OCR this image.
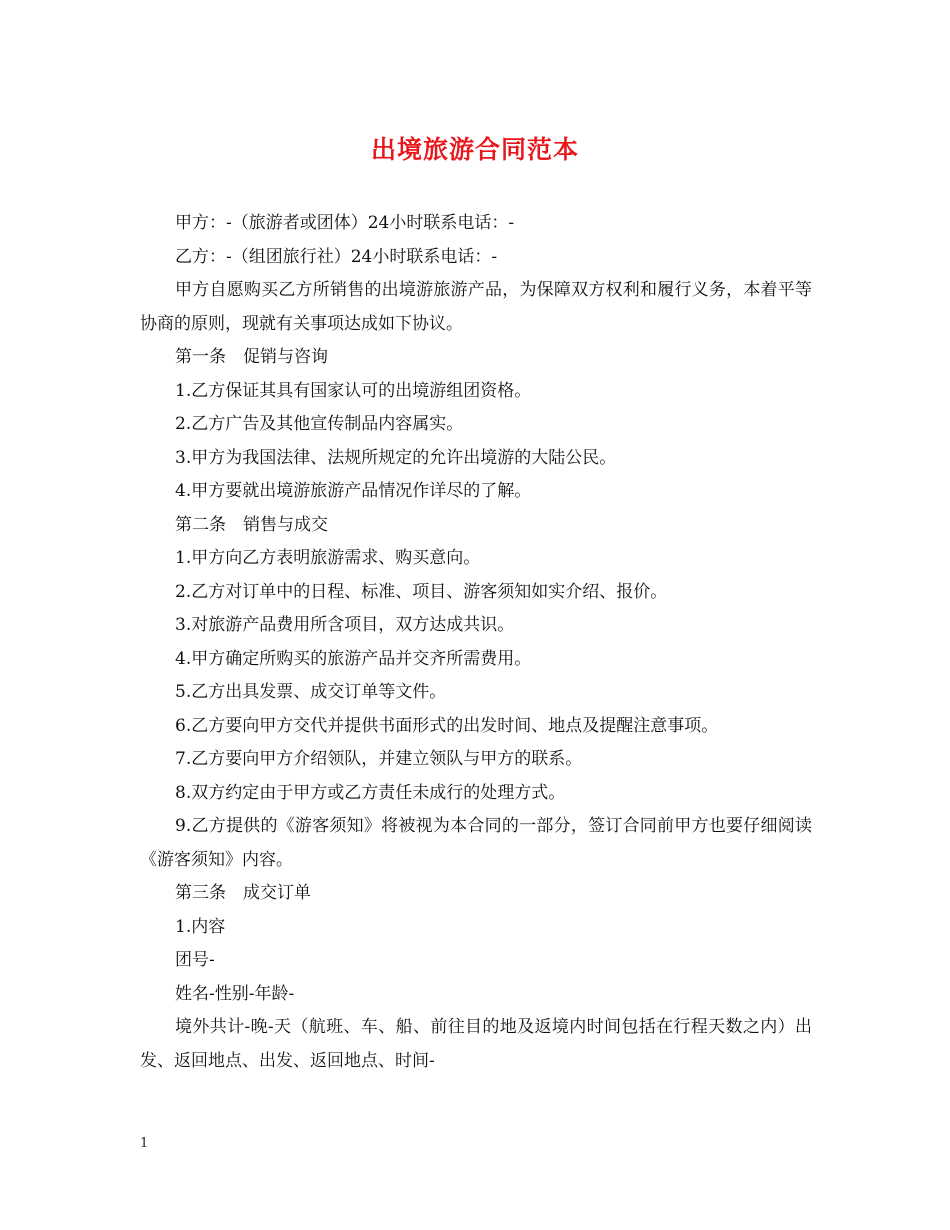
出境旅游合同范本
甲方：-（旅游者或团体）24小时联系电话：-
乙方：-（组团旅行社）24小时联系电话：-
甲方自愿购买乙方所销售的出境游旅游产品，为保障双方权利和履行义务，本着平等协商的原则，现就有关事项达成如下协议。
第一条　促销与咨询
1.乙方保证其具有国家认可的出境游组团资格。
2.乙方广告及其他宣传制品内容属实。
3.甲方为我国法律、法规所规定的允许出境游的大陆公民。
4.甲方要就出境游旅游产品情况作详尽的了解。
第二条　销售与成交
1.甲方向乙方表明旅游需求、购买意向。
2.乙方对订单中的日程、标准、项目、游客须知如实介绍、报价。
3.对旅游产品费用所含项目，双方达成共识。
4.甲方确定所购买的旅游产品并交齐所需费用。
5.乙方出具发票、成交订单等文件。
6.乙方要向甲方交代并提供书面形式的出发时间、地点及提醒注意事项。
7.乙方要向甲方介绍领队，并建立领队与甲方的联系。
8.双方约定由于甲方或乙方责任未成行的处理方式。
9.乙方提供的《游客须知》将被视为本合同的一部分，签订合同前甲方也要仔细阅读《游客须知》内容。
第三条　成交订单
1.内容
团号-
姓名-性别-年龄-
境外共计-晚-天（航班、车、船、前往目的地及返境内时间包括在行程天数之内）出发、返回地点、出发、返回地点、时间-
1
